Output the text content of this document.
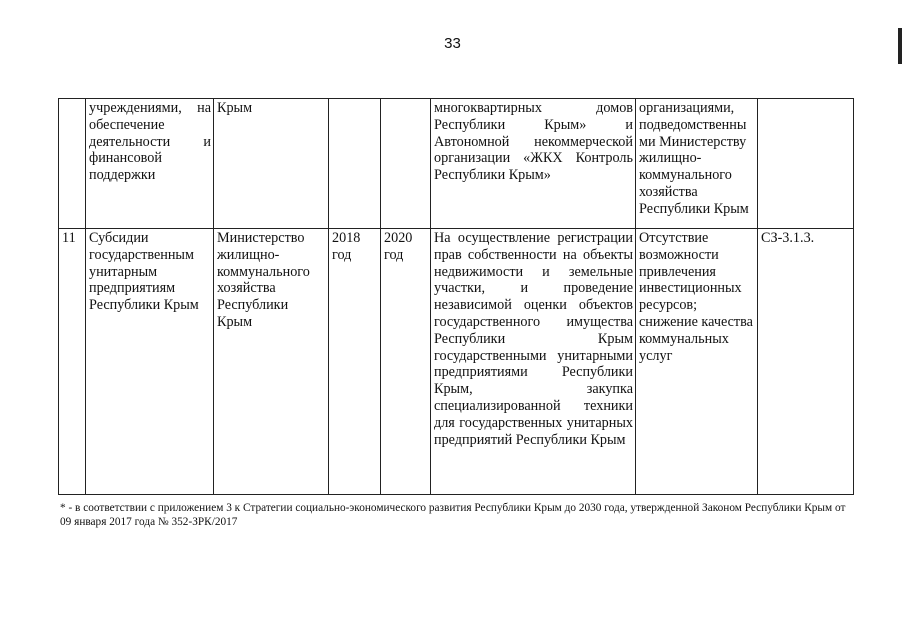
33
	учреждениями, на обеспечение деятельности и финансовой поддержки	Крым			многоквартирных домов Республики Крым» и Автономной некоммерческой организации «ЖКХ Контроль Республики Крым»	организациями, подведомственными Министерству жилищно-коммунального хозяйства Республики Крым	
11	Субсидии государственным унитарным предприятиям Республики Крым	Министерство жилищно-коммунального хозяйства Республики Крым	2018 год	2020 год	На осуществление регистрации прав собственности на объекты недвижимости и земельные участки, и проведение независимой оценки объектов государственного имущества Республики Крым государственными унитарными предприятиями Республики Крым, закупка специализированной техники для государственных унитарных предприятий Республики Крым	Отсутствие возможности привлечения инвестиционных ресурсов; снижение качества коммунальных услуг	СЗ-3.1.3.
* - в соответствии с приложением 3 к Стратегии социально-экономического развития Республики Крым до 2030 года, утвержденной Законом Республики Крым от 09 января 2017 года № 352-ЗРК/2017
